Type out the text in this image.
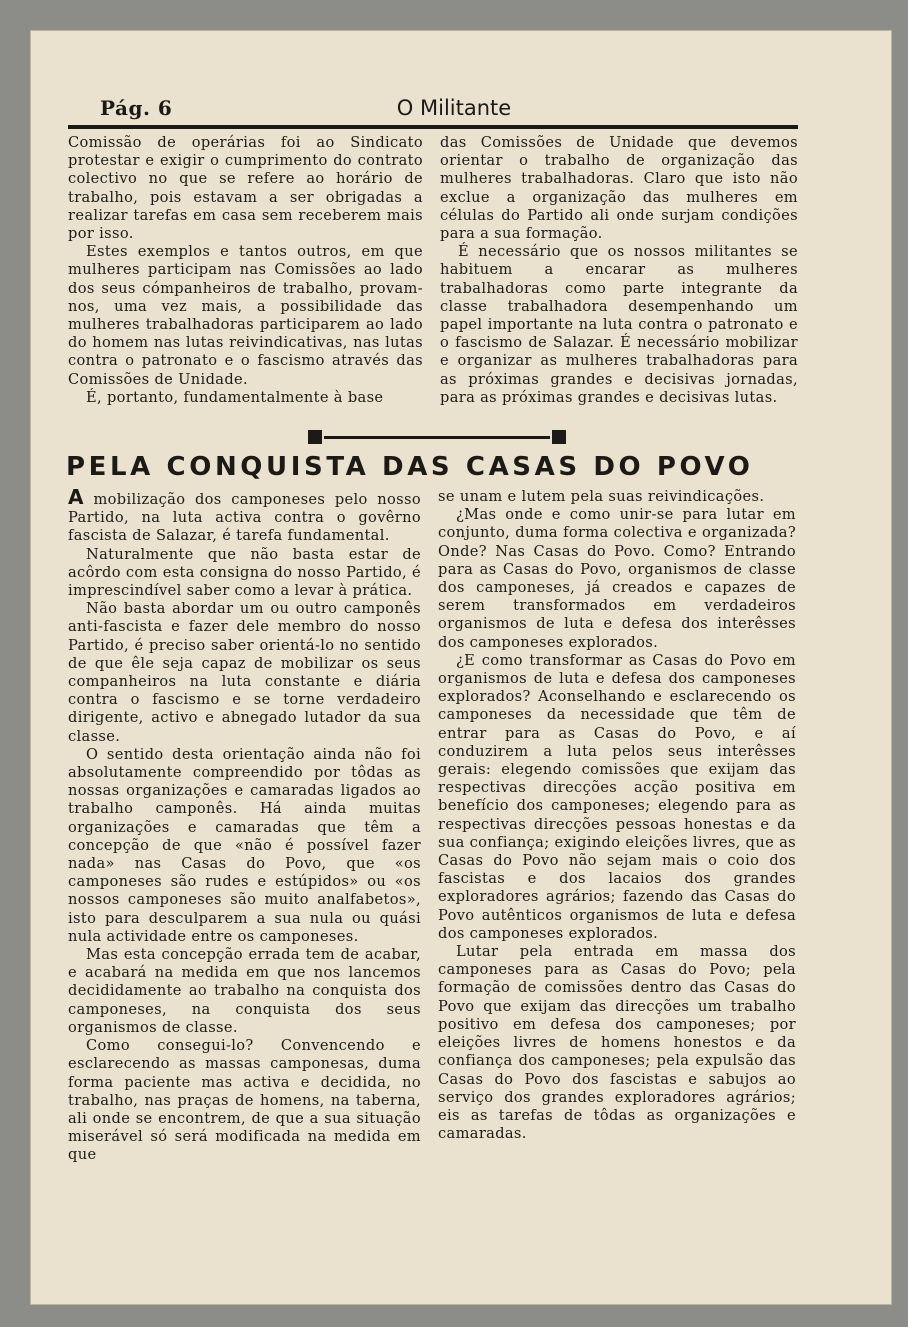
Pág. 6	O Militante

Comissão de operárias foi ao Sindicato protestar e exigir o cumprimento do contrato colectivo no que se refere ao horário de trabalho, pois estavam a ser obrigadas a realizar tarefas em casa sem receberem mais por isso.

Estes exemplos e tantos outros, em que mulheres participam nas Comissões ao lado dos seus cómpanheiros de trabalho, provam-nos, uma vez mais, a possibilidade das mulheres trabalhadoras participarem ao lado do homem nas lutas reivindicativas, nas lutas contra o patronato e o fascismo através das Comissões de Unidade.

É, portanto, fundamentalmente à base

das Comissões de Unidade que devemos orientar o trabalho de organização das mulheres trabalhadoras. Claro que isto não exclue a organização das mulheres em células do Partido ali onde surjam condições para a sua formação.

É necessário que os nossos militantes se habituem a encarar as mulheres trabalhadoras como parte integrante da classe trabalhadora desempenhando um papel importante na luta contra o patronato e o fascismo de Salazar. É necessário mobilizar e organizar as mulheres trabalhadoras para as próximas grandes e decisivas jornadas, para as próximas grandes e decisivas lutas.

PELA CONQUISTA DAS CASAS DO POVO

A mobilização dos camponeses pelo nosso Partido, na luta activa contra o govêrno fascista de Salazar, é tarefa fundamental.

Naturalmente que não basta estar de acôrdo com esta consigna do nosso Partido, é imprescindível saber como a levar à prática.

Não basta abordar um ou outro camponês anti-fascista e fazer dele membro do nosso Partido, é preciso saber orientá-lo no sentido de que êle seja capaz de mobilizar os seus companheiros na luta constante e diária contra o fascismo e se torne verdadeiro dirigente, activo e abnegado lutador da sua classe.

O sentido desta orientação ainda não foi absolutamente compreendido por tôdas as nossas organizações e camaradas ligados ao trabalho camponês. Há ainda muitas organizações e camaradas que têm a concepção de que «não é possível fazer nada» nas Casas do Povo, que «os camponeses são rudes e estúpidos» ou «os nossos camponeses são muito analfabetos», isto para desculparem a sua nula ou quási nula actividade entre os camponeses.

Mas esta concepção errada tem de acabar, e acabará na medida em que nos lancemos decididamente ao trabalho na conquista dos camponeses, na conquista dos seus organismos de classe.

Como consegui-lo? Convencendo e esclarecendo as massas camponesas, duma forma paciente mas activa e decidida, no trabalho, nas praças de homens, na taberna, ali onde se encontrem, de que a sua situação miserável só será modificada na medida em que

se unam e lutem pela suas reivindicações.

¿Mas onde e como unir-se para lutar em conjunto, duma forma colectiva e organizada? Onde? Nas Casas do Povo. Como? Entrando para as Casas do Povo, organismos de classe dos camponeses, já creados e capazes de serem transformados em verdadeiros organismos de luta e defesa dos interêsses dos camponeses explorados.

¿E como transformar as Casas do Povo em organismos de luta e defesa dos camponeses explorados? Aconselhando e esclarecendo os camponeses da necessidade que têm de entrar para as Casas do Povo, e aí conduzirem a luta pelos seus interêsses gerais: elegendo comissões que exijam das respectivas direcções acção positiva em benefício dos camponeses; elegendo para as respectivas direcções pessoas honestas e da sua confiança; exigindo eleições livres, que as Casas do Povo não sejam mais o coio dos fascistas e dos lacaios dos grandes exploradores agrários; fazendo das Casas do Povo autênticos organismos de luta e defesa dos camponeses explorados.

Lutar pela entrada em massa dos camponeses para as Casas do Povo; pela formação de comissões dentro das Casas do Povo que exijam das direcções um trabalho positivo em defesa dos camponeses; por eleições livres de homens honestos e da confiança dos camponeses; pela expulsão das Casas do Povo dos fascistas e sabujos ao serviço dos grandes exploradores agrários; eis as tarefas de tôdas as organizações e camaradas.
